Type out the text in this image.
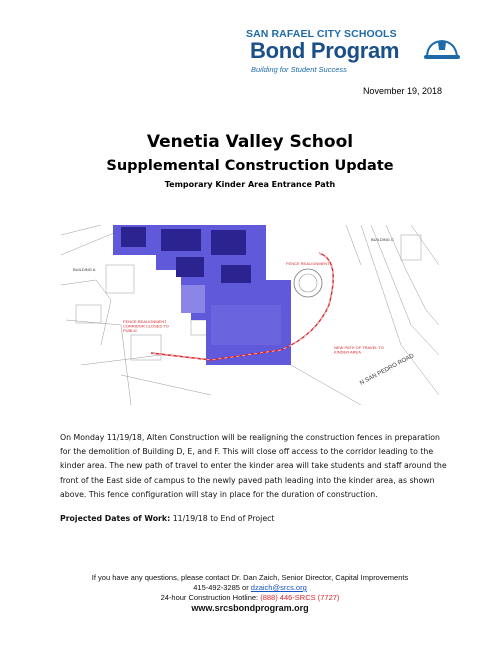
SAN RAFAEL CITY SCHOOLS
Bond Program
Building for Student Success
November 19, 2018
Venetia Valley School
Supplemental Construction Update
Temporary Kinder Area Entrance Path
BUILDING A
BUILDING C
FENCE REALIGNMENT
FENCE REALIGNMENT CORRIDOR CLOSED TO PUBLIC
NEW PATH OF TRAVEL TO KINDER AREA
N SAN PEDRO ROAD
On Monday 11/19/18, Alten Construction will be realigning the construction fences in preparation for the demolition of Building D, E, and F. This will close off access to the corridor leading to the kinder area. The new path of travel to enter the kinder area will take students and staff around the front of the East side of campus to the newly paved path leading into the kinder area, as shown above. This fence configuration will stay in place for the duration of construction.
Projected Dates of Work: 11/19/18 to End of Project
If you have any questions, please contact Dr. Dan Zaich, Senior Director, Capital Improvements
415-492-3285 or dzaich@srcs.org
24-hour Construction Hotline: (888) 446-SRCS (7727)
www.srcsbondprogram.org
